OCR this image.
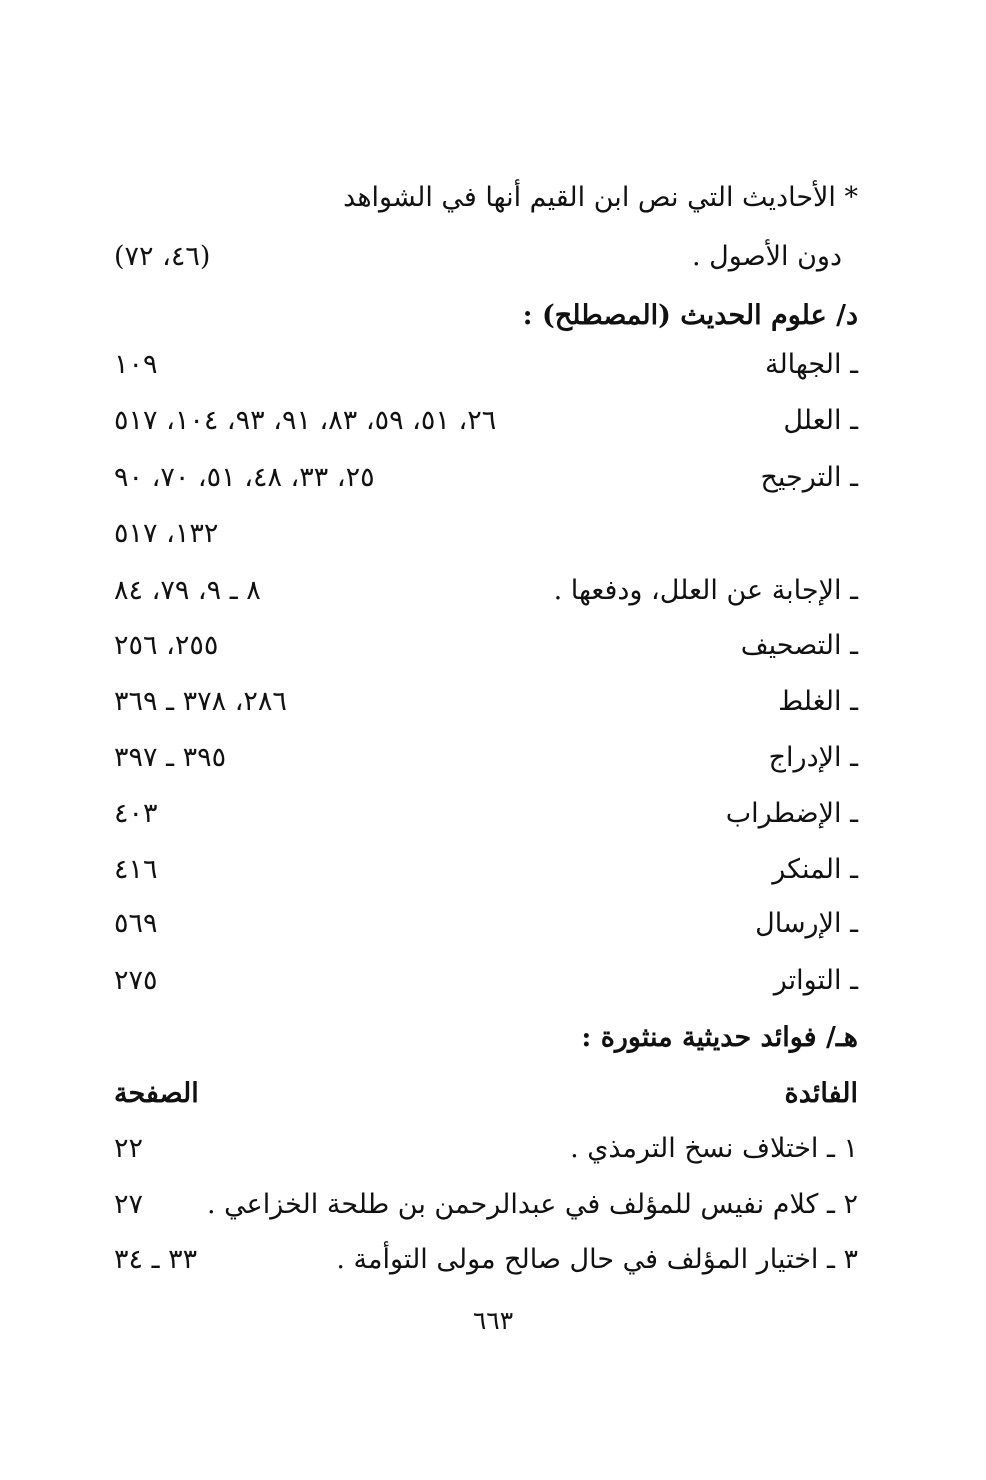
* الأحاديث التي نص ابن القيم أنها في الشواهد
دون الأصول .
(٤٦، ٧٢)
د/ علوم الحديث (المصطلح) :
ـ الجهالة
١٠٩
ـ العلل
٢٦، ٥١، ٥٩، ٨٣، ٩١، ٩٣، ١٠٤، ٥١٧
ـ الترجيح
٢٥، ٣٣، ٤٨، ٥١، ٧٠، ٩٠
١٣٢، ٥١٧
ـ الإجابة عن العلل، ودفعها .
٨ ـ ٩، ٧٩، ٨٤
ـ التصحيف
٢٥٥، ٢٥٦
ـ الغلط
٢٨٦، ٣٧٨ ـ ٣٦٩
ـ الإدراج
٣٩٥ ـ ٣٩٧
ـ الإضطراب
٤٠٣
ـ المنكر
٤١٦
ـ الإرسال
٥٦٩
ـ التواتر
٢٧٥
هـ/ فوائد حديثية منثورة :
الفائدة
الصفحة
١ ـ اختلاف نسخ الترمذي .
٢٢
٢ ـ كلام نفيس للمؤلف في عبدالرحمن بن طلحة الخزاعي .
٢٧
٣ ـ اختيار المؤلف في حال صالح مولى التوأمة .
٣٣ ـ ٣٤
٦٦٣
